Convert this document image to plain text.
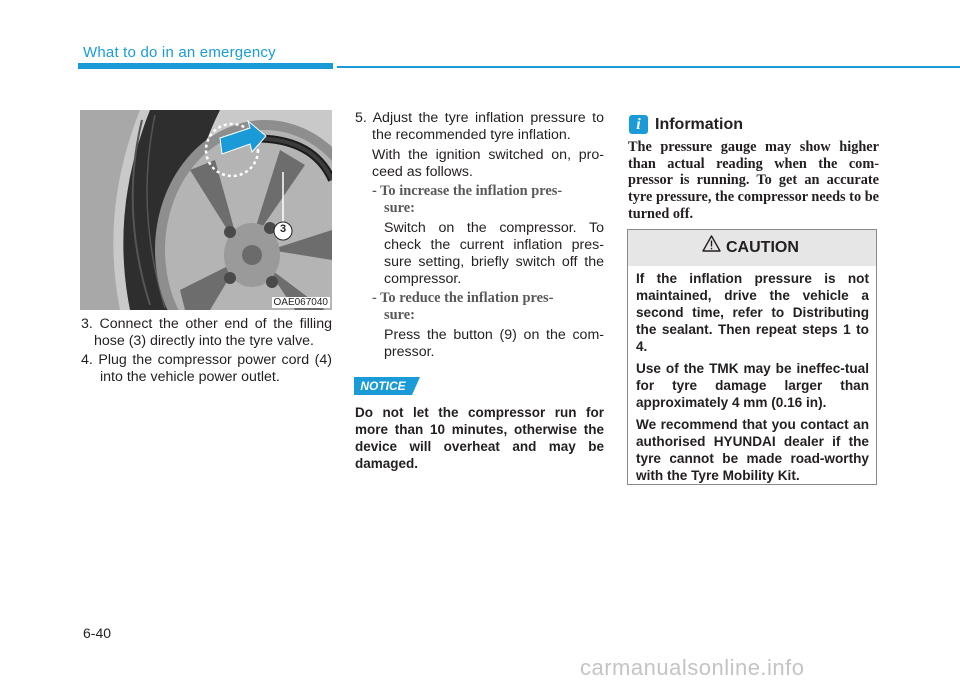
What to do in an emergency
3
OAE067040
3. Connect the other end of the filling hose (3) directly into the tyre valve.
4. Plug the compressor power cord (4) into the vehicle power outlet.
5. Adjust the tyre inflation pressure to the recommended tyre inflation.
With the ignition switched on, pro-ceed as follows.
- To increase the inflation pres-sure:
Switch on the compressor. To check the current inflation pres-sure setting, briefly switch off the compressor.
- To reduce the inflation pres-sure:
Press the button (9) on the com-pressor.
NOTICE
Do not let the compressor run for more than 10 minutes, otherwise the device will overheat and may be damaged.
i Information
The pressure gauge may show higher than actual reading when the com-pressor is running. To get an accurate tyre pressure, the compressor needs to be turned off.
CAUTION

If the inflation pressure is not maintained, drive the vehicle a second time, refer to Distributing the sealant. Then repeat steps 1 to 4.

Use of the TMK may be ineffec-tual for tyre damage larger than approximately 4 mm (0.16 in).

We recommend that you contact an authorised HYUNDAI dealer if the tyre cannot be made road-worthy with the Tyre Mobility Kit.

6-40
carmanualsonline.info
